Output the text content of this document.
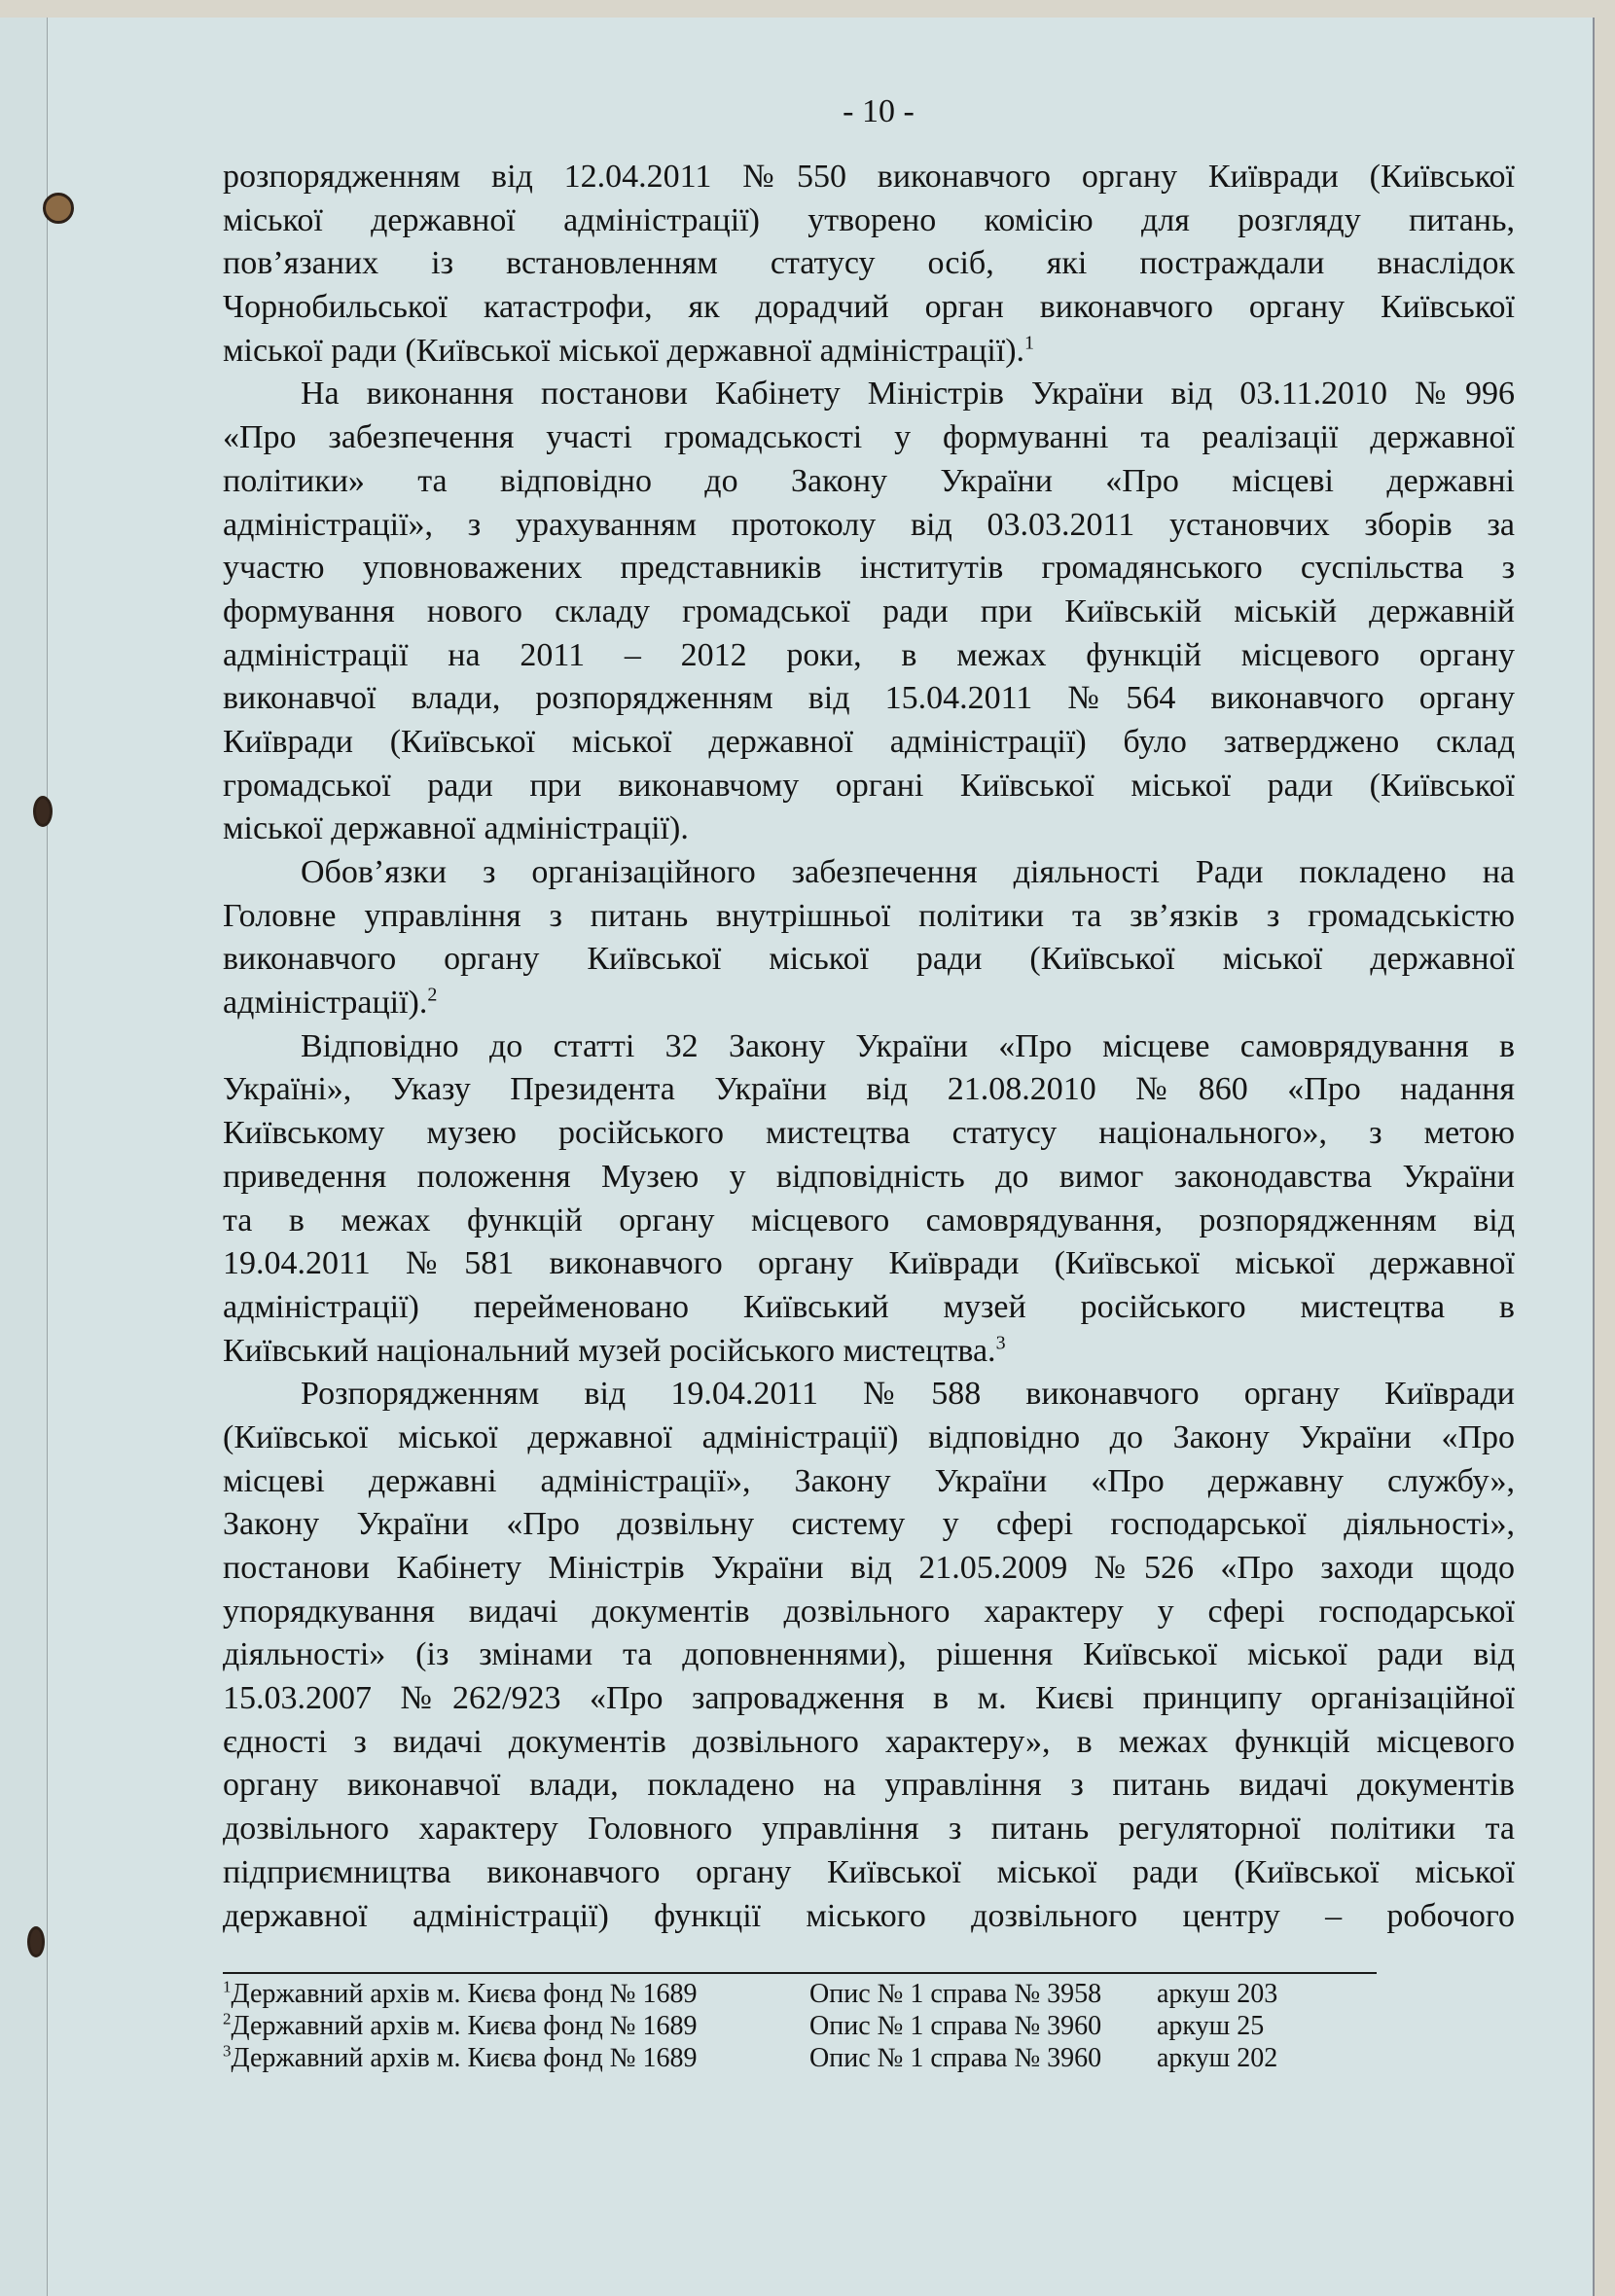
- 10 -
розпорядженням від 12.04.2011 №550 виконавчого органу Київради (Київської
міської державної адміністрації) утворено комісію для розгляду питань,
пов’язаних із встановленням статусу осіб, які постраждали внаслідок
Чорнобильської катастрофи, як дорадчий орган виконавчого органу Київської
міської ради (Київської міської державної адміністрації).$^1$
На виконання постанови Кабінету Міністрів України від 03.11.2010 №996
«Про забезпечення участі громадськості у формуванні та реалізації державної
політики» та відповідно до Закону України «Про місцеві державні
адміністрації», з урахуванням протоколу від 03.03.2011 установчих зборів за
участю уповноважених представників інститутів громадянського суспільства з
формування нового складу громадської ради при Київській міській державній
адміністрації на 2011 – 2012 роки, в межах функцій місцевого органу
виконавчої влади, розпорядженням від 15.04.2011 №564 виконавчого органу
Київради (Київської міської державної адміністрації) було затверджено склад
громадської ради при виконавчому органі Київської міської ради (Київської
міської державної адміністрації).
Обов’язки з організаційного забезпечення діяльності Ради покладено на
Головне управління з питань внутрішньої політики та зв’язків з громадськістю
виконавчого органу Київської міської ради (Київської міської державної
адміністрації).$^2$
Відповідно до статті 32 Закону України «Про місцеве самоврядування в
Україні», Указу Президента України від 21.08.2010 №860 «Про надання
Київському музею російського мистецтва статусу національного», з метою
приведення положення Музею у відповідність до вимог законодавства України
та в межах функцій органу місцевого самоврядування, розпорядженням від
19.04.2011 №581 виконавчого органу Київради (Київської міської державної
адміністрації) перейменовано Київський музей російського мистецтва в
Київський національний музей російського мистецтва.$^3$
Розпорядженням від 19.04.2011 №588 виконавчого органу Київради
(Київської міської державної адміністрації) відповідно до Закону України «Про
місцеві державні адміністрації», Закону України «Про державну службу»,
Закону України «Про дозвільну систему у сфері господарської діяльності»,
постанови Кабінету Міністрів України від 21.05.2009 №526 «Про заходи щодо
упорядкування видачі документів дозвільного характеру у сфері господарської
діяльності» (із змінами та доповненнями), рішення Київської міської ради від
15.03.2007 №262/923 «Про запровадження в м. Києві принципу організаційної
єдності з видачі документів дозвільного характеру», в межах функцій місцевого
органу виконавчої влади, покладено на управління з питань видачі документів
дозвільного характеру Головного управління з питань регуляторної політики та
підприємництва виконавчого органу Київської міської ради (Київської міської
державної адміністрації) функції міського дозвільного центру – робочого
$^1$Державний архів м. Києва фонд № 1689	Опис № 1 справа № 3958 аркуш 203
$^2$Державний архів м. Києва фонд № 1689	Опис № 1 справа № 3960 аркуш 25
$^3$Державний архів м. Києва фонд № 1689	Опис № 1 справа № 3960 аркуш 202
